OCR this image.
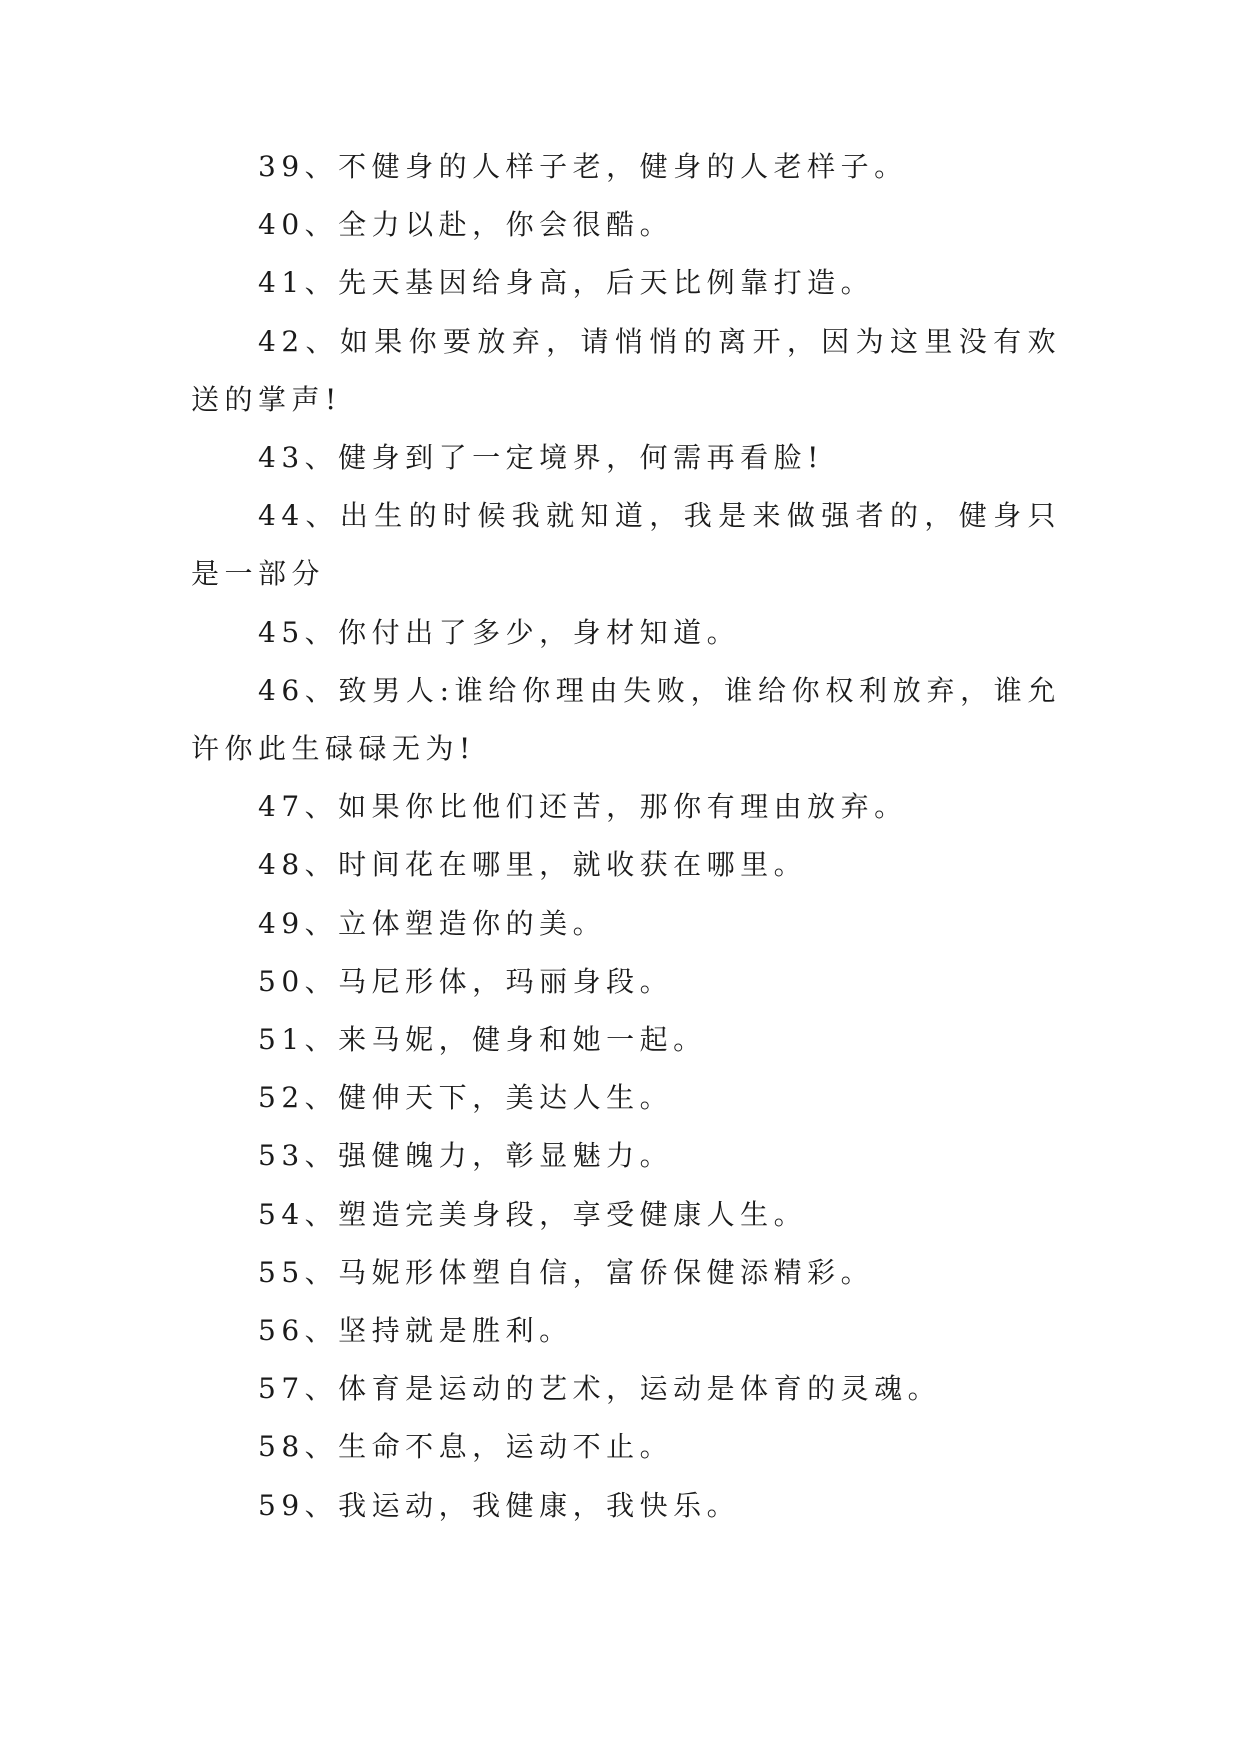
39、不健身的人样子老，健身的人老样子。

40、全力以赴，你会很酷。

41、先天基因给身高，后天比例靠打造。

42、如果你要放弃，请悄悄的离开，因为这里没有欢送的掌声!

43、健身到了一定境界，何需再看脸!

44、出生的时候我就知道，我是来做强者的，健身只是一部分

45、你付出了多少，身材知道。

46、致男人:谁给你理由失败，谁给你权利放弃，谁允许你此生碌碌无为!

47、如果你比他们还苦，那你有理由放弃。

48、时间花在哪里，就收获在哪里。

49、立体塑造你的美。

50、马尼形体，玛丽身段。

51、来马妮，健身和她一起。

52、健伸天下，美达人生。

53、强健魄力，彰显魅力。

54、塑造完美身段，享受健康人生。

55、马妮形体塑自信，富侨保健添精彩。

56、坚持就是胜利。

57、体育是运动的艺术，运动是体育的灵魂。

58、生命不息，运动不止。

59、我运动，我健康，我快乐。
